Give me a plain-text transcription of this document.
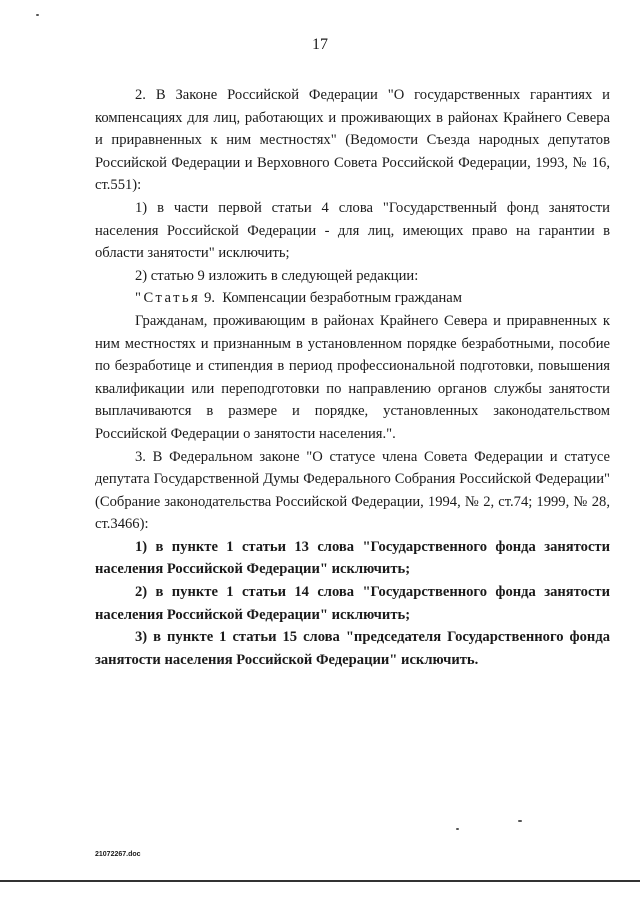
17

2. В Законе Российской Федерации "О государственных гарантиях и компенсациях для лиц, работающих и проживающих в районах Крайнего Севера и приравненных к ним местностях" (Ведомости Съезда народных депутатов Российской Федерации и Верховного Совета Российской Федерации, 1993, № 16, ст.551):

1) в части первой статьи 4 слова "Государственный фонд занятости населения Российской Федерации - для лиц, имеющих право на гарантии в области занятости" исключить;

2) статью 9 изложить в следующей редакции:

"Статья 9. Компенсации безработным гражданам

Гражданам, проживающим в районах Крайнего Севера и приравненных к ним местностях и признанным в установленном порядке безработными, пособие по безработице и стипендия в период профессиональной подготовки, повышения квалификации или переподготовки по направлению органов службы занятости выплачиваются в размере и порядке, установленных законодательством Российской Федерации о занятости населения.".

3. В Федеральном законе "О статусе члена Совета Федерации и статусе депутата Государственной Думы Федерального Собрания Российской Федерации" (Собрание законодательства Российской Федерации, 1994, № 2, ст.74; 1999, № 28, ст.3466):

1) в пункте 1 статьи 13 слова "Государственного фонда занятости населения Российской Федерации" исключить;

2) в пункте 1 статьи 14 слова "Государственного фонда занятости населения Российской Федерации" исключить;

3) в пункте 1 статьи 15 слова "председателя Государственного фонда занятости населения Российской Федерации" исключить.

21072267.doc
